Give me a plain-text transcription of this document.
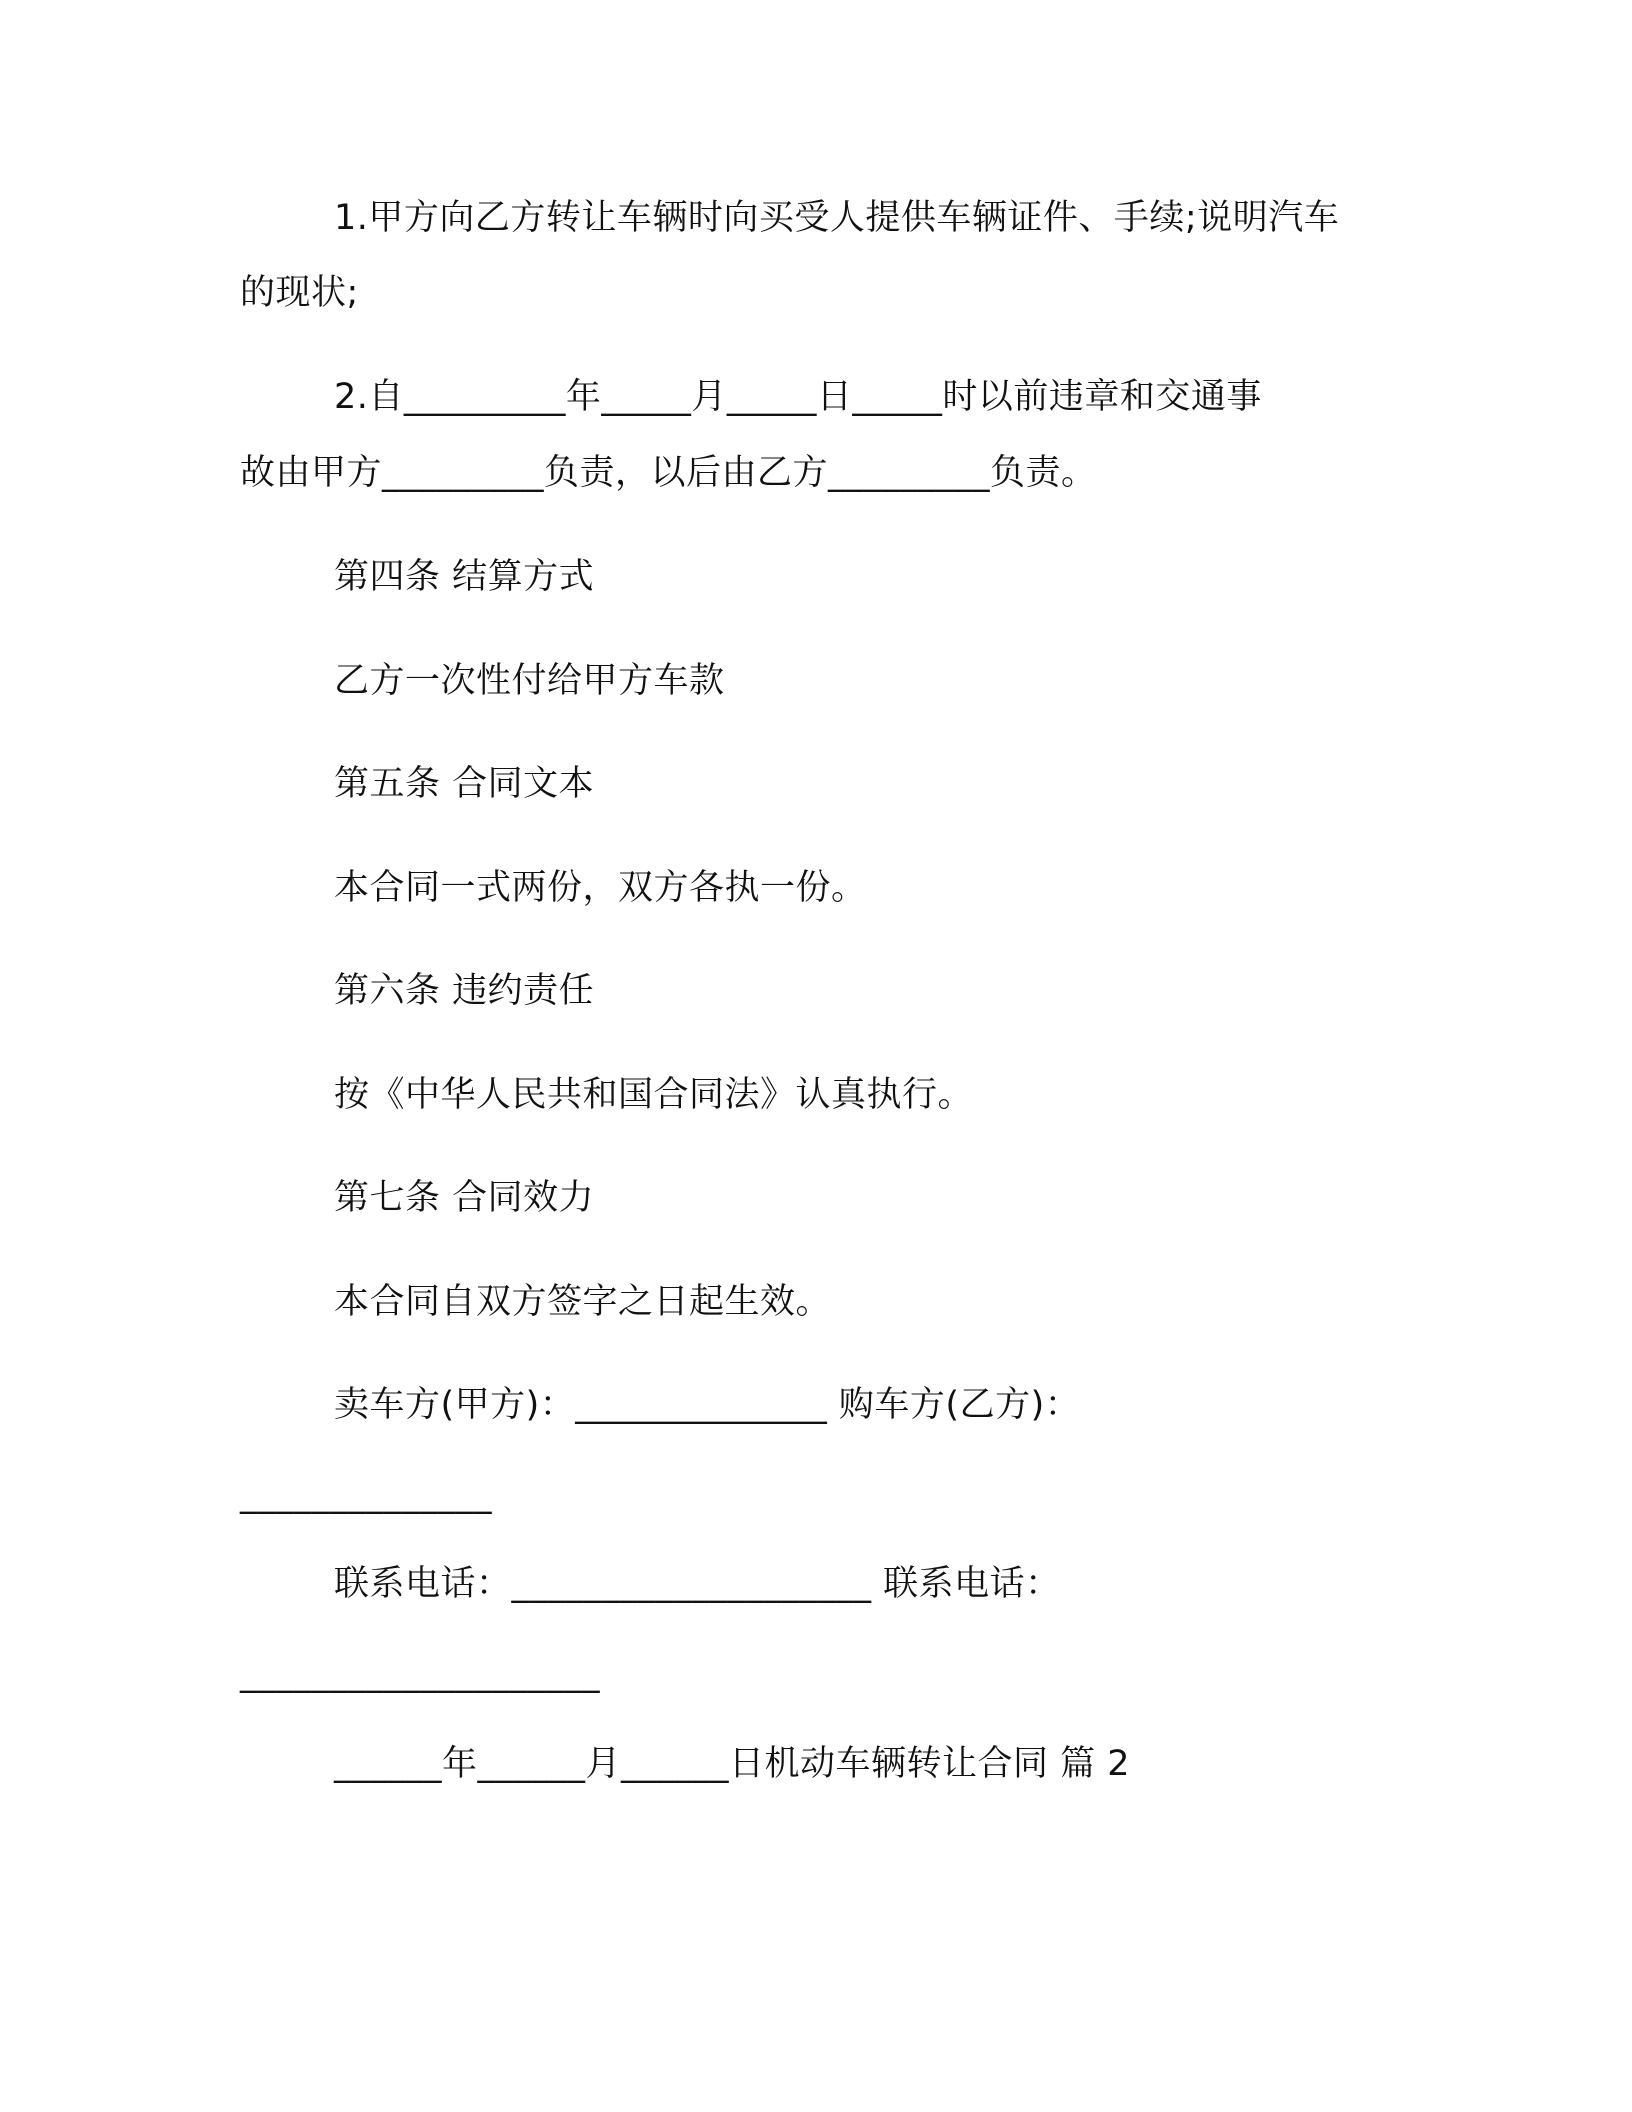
1.甲方向乙方转让车辆时向买受人提供车辆证件、手续;说明汽车
的现状;
2.自_________年_____月_____日_____时以前违章和交通事
故由甲方_________负责，以后由乙方_________负责。
第四条 结算方式
乙方一次性付给甲方车款
第五条 合同文本
本合同一式两份，双方各执一份。
第六条 违约责任
按《中华人民共和国合同法》认真执行。
第七条 合同效力
本合同自双方签字之日起生效。
卖车方(甲方)：______________ 购车方(乙方)：
______________
联系电话：____________________ 联系电话：
____________________
______年______月______日机动车辆转让合同 篇 2
